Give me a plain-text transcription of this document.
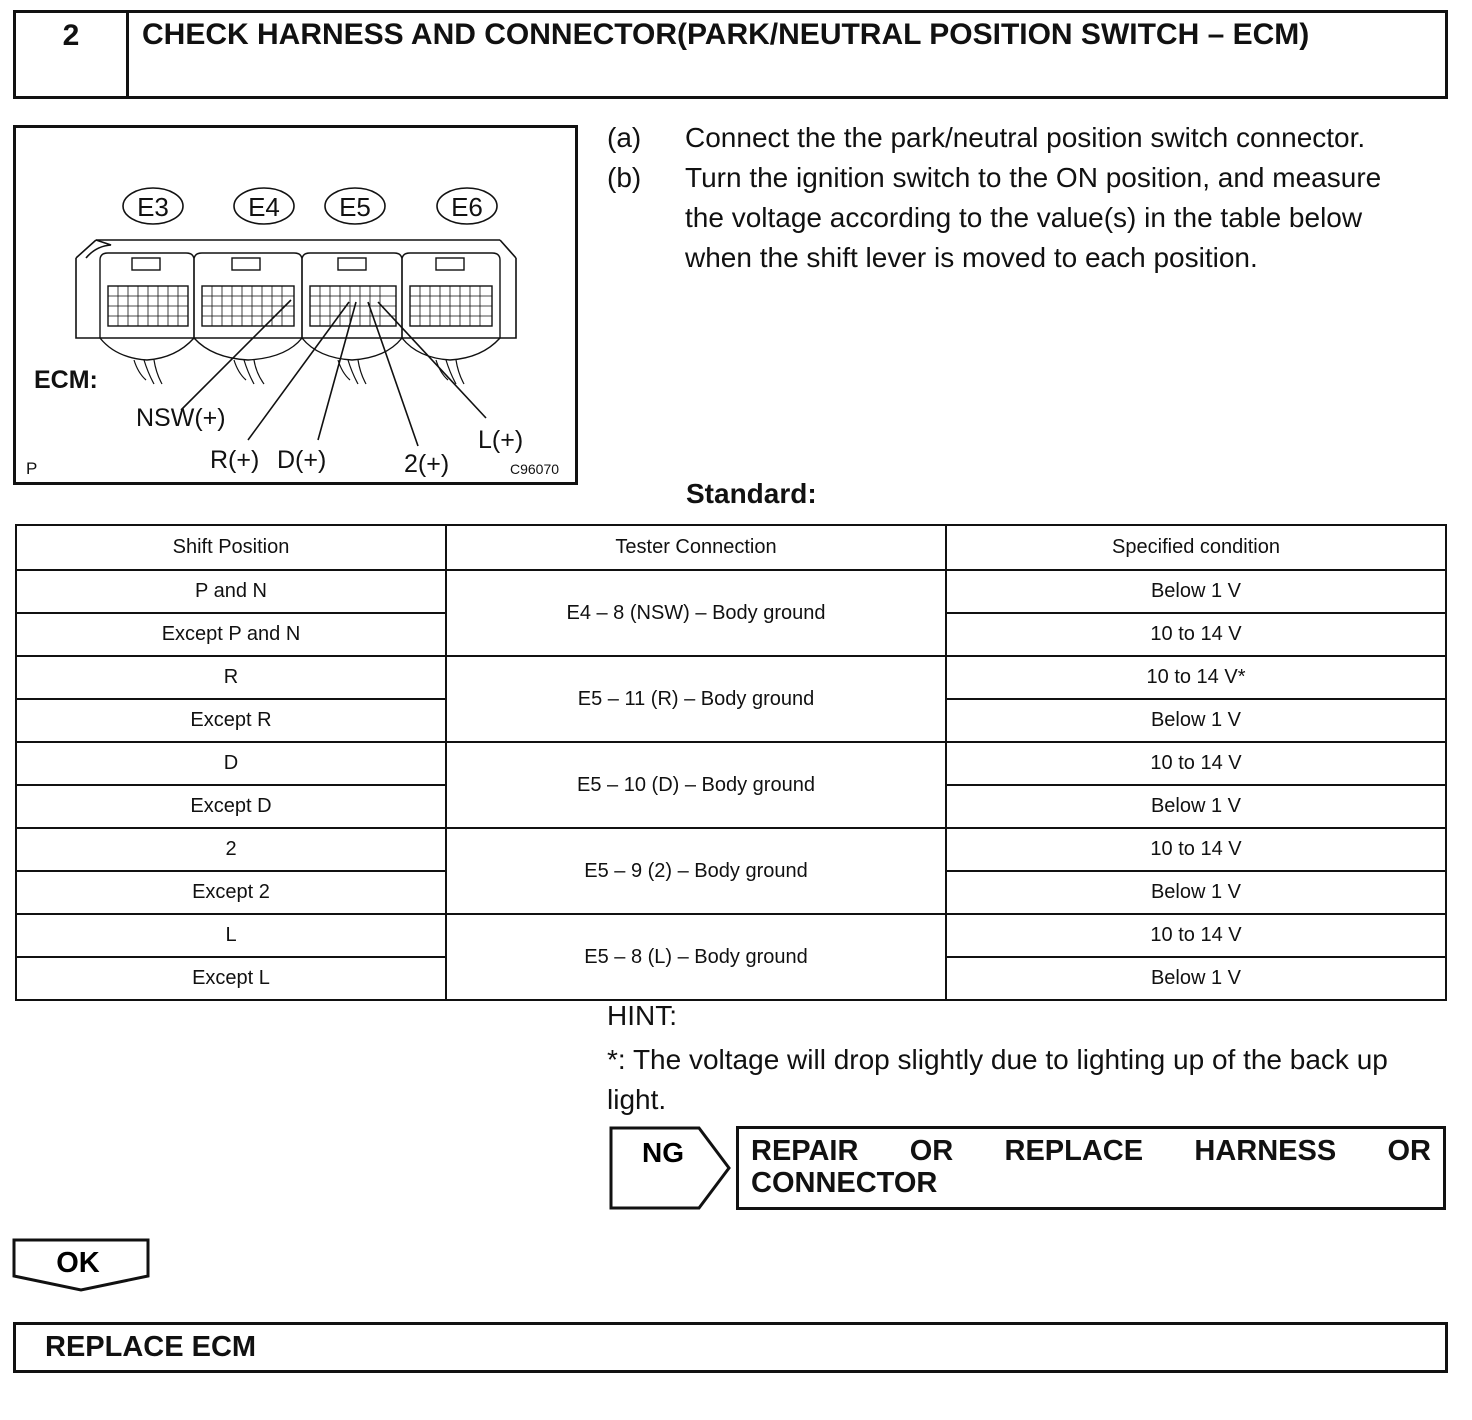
2	CHECK HARNESS AND CONNECTOR(PARK/NEUTRAL POSITION SWITCH – ECM)
E3	E4 E5	E6
ECM:
NSW(+)
R(+) D(+)	2(+)
L(+)
P	C96070
(a) Connect the the park/neutral position switch connector.
(b) Turn the ignition switch to the ON position, and measure
the voltage according to the value(s) in the table below
when the shift lever is moved to each position.
Standard:
Shift Position	Tester Connection	Specified condition
P and N	E4 – 8 (NSW) – Body ground	Below 1 V
Except P and N		10 to 14 V
R	E5 – 11 (R) – Body ground	10 to 14 V*
Except R		Below 1 V
D	E5 – 10 (D) – Body ground	10 to 14 V
Except D		Below 1 V
2	E5 – 9 (2) – Body ground	10 to 14 V
Except 2		Below 1 V
L	E5 – 8 (L) – Body ground	10 to 14 V
Except L		Below 1 V
HINT:
*: The voltage will drop slightly due to lighting up of the back up light.
NG REPAIR OR REPLACE HARNESS OR CONNECTOR
OK
REPLACE ECM
